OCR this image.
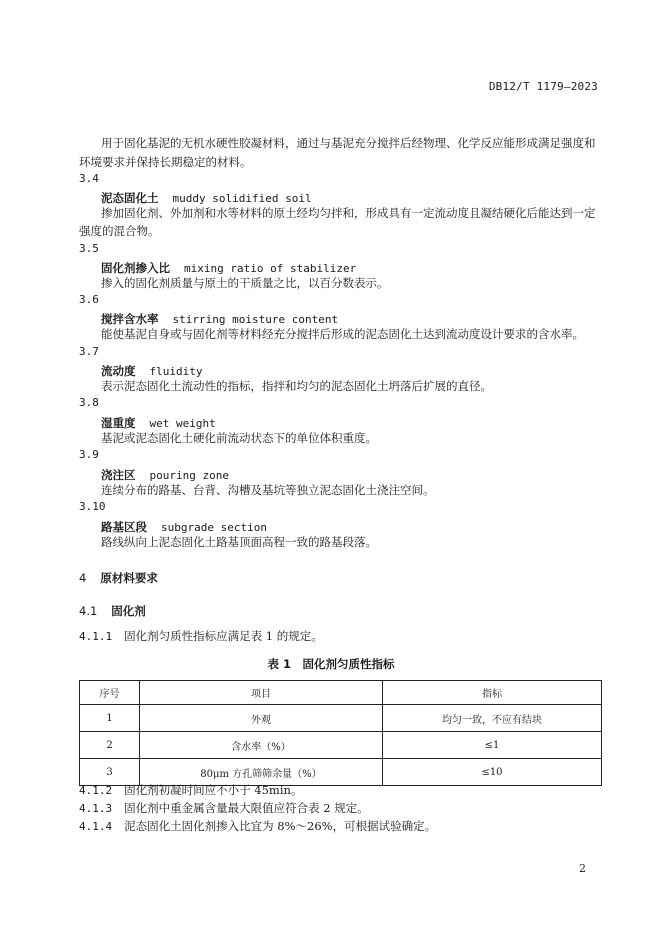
DB12/T 1179—2023
用于固化基泥的无机水硬性胶凝材料，通过与基泥充分搅拌后经物理、化学反应能形成满足强度和
环境要求并保持长期稳定的材料。
3.4
泥态固化土 muddy solidified soil
掺加固化剂、外加剂和水等材料的原土经均匀拌和，形成具有一定流动度且凝结硬化后能达到一定
强度的混合物。
3.5
固化剂掺入比 mixing ratio of stabilizer
掺入的固化剂质量与原土的干质量之比，以百分数表示。
3.6
搅拌含水率 stirring moisture content
能使基泥自身或与固化剂等材料经充分搅拌后形成的泥态固化土达到流动度设计要求的含水率。
3.7
流动度 fluidity
表示泥态固化土流动性的指标，指拌和均匀的泥态固化土坍落后扩展的直径。
3.8
湿重度 wet weight
基泥或泥态固化土硬化前流动状态下的单位体积重度。
3.9
浇注区 pouring zone
连续分布的路基、台背、沟槽及基坑等独立泥态固化土浇注空间。
3.10
路基区段 subgrade section
路线纵向上泥态固化土路基顶面高程一致的路基段落。
4 原材料要求
4.1 固化剂
4.1.1 固化剂匀质性指标应满足表 1 的规定。
表 1　固化剂匀质性指标
序号	项目	指标
1	外观	均匀一致，不应有结块
2	含水率（%）	≤1
3	80μm 方孔筛筛余量（%）	≤10
4.1.2 固化剂初凝时间应不小于 45min。
4.1.3 固化剂中重金属含量最大限值应符合表 2 规定。
4.1.4 泥态固化土固化剂掺入比宜为 8%～26%，可根据试验确定。
2
